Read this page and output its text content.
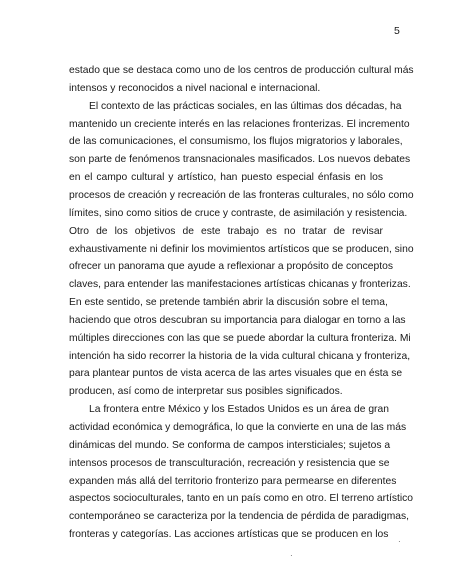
5
estado que se destaca como uno de los centros de producción cultural más
intensos y reconocidos a nivel nacional e internacional.
El contexto de las prácticas sociales, en las últimas dos décadas, ha
mantenido un creciente interés en las relaciones fronterizas. El incremento
de las comunicaciones, el consumismo, los flujos migratorios y laborales,
son parte de fenómenos transnacionales masificados. Los nuevos debates
en el campo cultural y artístico, han puesto especial énfasis en los
procesos de creación y recreación de las fronteras culturales, no sólo como
límites, sino como sitios de cruce y contraste, de asimilación y resistencia.
Otro de los objetivos de este trabajo es no tratar de revisar
exhaustivamente ni definir los movimientos artísticos que se producen, sino
ofrecer un panorama que ayude a reflexionar a propósito de conceptos
claves, para entender las manifestaciones artísticas chicanas y fronterizas.
En este sentido, se pretende también abrir la discusión sobre el tema,
haciendo que otros descubran su importancia para dialogar en torno a las
múltiples direcciones con las que se puede abordar la cultura fronteriza. Mi
intención ha sido recorrer la historia de la vida cultural chicana y fronteriza,
para plantear puntos de vista acerca de las artes visuales que en ésta se
producen, así como de interpretar sus posibles significados.
La frontera entre México y los Estados Unidos es un área de gran
actividad económica y demográfica, lo que la convierte en una de las más
dinámicas del mundo. Se conforma de campos intersticiales; sujetos a
intensos procesos de transculturación, recreación y resistencia que se
expanden más allá del territorio fronterizo para permearse en diferentes
aspectos socioculturales, tanto en un país como en otro. El terreno artístico
contemporáneo se caracteriza por la tendencia de pérdida de paradigmas,
fronteras y categorías. Las acciones artísticas que se producen en los
·
·
